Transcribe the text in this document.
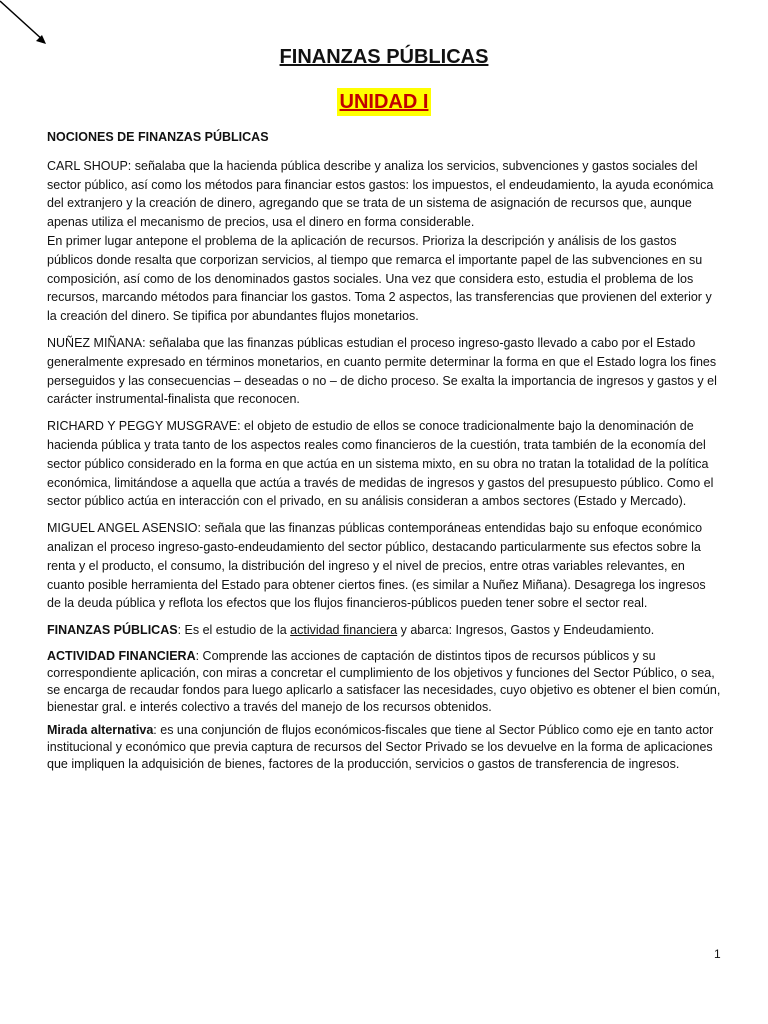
FINANZAS PÚBLICAS
UNIDAD I

NOCIONES DE FINANZAS PÚBLICAS

CARL SHOUP: señalaba que la hacienda pública describe y analiza los servicios, subvenciones y gastos sociales del sector público, así como los métodos para financiar estos gastos: los impuestos, el endeudamiento, la ayuda económica del extranjero y la creación de dinero, agregando que se trata de un sistema de asignación de recursos que, aunque apenas utiliza el mecanismo de precios, usa el dinero en forma considerable.

En primer lugar antepone el problema de la aplicación de recursos. Prioriza la descripción y análisis de los gastos públicos donde resalta que corporizan servicios, al tiempo que remarca el importante papel de las subvenciones en su composición, así como de los denominados gastos sociales. Una vez que considera esto, estudia el problema de los recursos, marcando métodos para financiar los gastos. Toma 2 aspectos, las transferencias que provienen del exterior y la creación del dinero. Se tipifica por abundantes flujos monetarios.

NUÑEZ MIÑANA: señalaba que las finanzas públicas estudian el proceso ingreso-gasto llevado a cabo por el Estado generalmente expresado en términos monetarios, en cuanto permite determinar la forma en que el Estado logra los fines perseguidos y las consecuencias – deseadas o no – de dicho proceso. Se exalta la importancia de ingresos y gastos y el carácter instrumental-finalista que reconocen.

RICHARD Y PEGGY MUSGRAVE: el objeto de estudio de ellos se conoce tradicionalmente bajo la denominación de hacienda pública y trata tanto de los aspectos reales como financieros de la cuestión, trata también de la economía del sector público considerado en la forma en que actúa en un sistema mixto, en su obra no tratan la totalidad de la política económica, limitándose a aquella que actúa a través de medidas de ingresos y gastos del presupuesto público. Como el sector público actúa en interacción con el privado, en su análisis consideran a ambos sectores (Estado y Mercado).

MIGUEL ANGEL ASENSIO: señala que las finanzas públicas contemporáneas entendidas bajo su enfoque económico analizan el proceso ingreso-gasto-endeudamiento del sector público, destacando particularmente sus efectos sobre la renta y el producto, el consumo, la distribución del ingreso y el nivel de precios, entre otras variables relevantes, en cuanto posible herramienta del Estado para obtener ciertos fines. (es similar a Nuñez Miñana). Desagrega los ingresos de la deuda pública y reflota los efectos que los flujos financieros-públicos pueden tener sobre el sector real.

FINANZAS PÚBLICAS: Es el estudio de la actividad financiera y abarca: Ingresos, Gastos y Endeudamiento.

ACTIVIDAD FINANCIERA: Comprende las acciones de captación de distintos tipos de recursos públicos y su correspondiente aplicación, con miras a concretar el cumplimiento de los objetivos y funciones del Sector Público, o sea, se encarga de recaudar fondos para luego aplicarlo a satisfacer las necesidades, cuyo objetivo es obtener el bien común, bienestar gral. e interés colectivo a través del manejo de los recursos obtenidos.

Mirada alternativa: es una conjunción de flujos económicos-fiscales que tiene al Sector Público como eje en tanto actor institucional y económico que previa captura de recursos del Sector Privado se los devuelve en la forma de aplicaciones que impliquen la adquisición de bienes, factores de la producción, servicios o gastos de transferencia de ingresos.

1
